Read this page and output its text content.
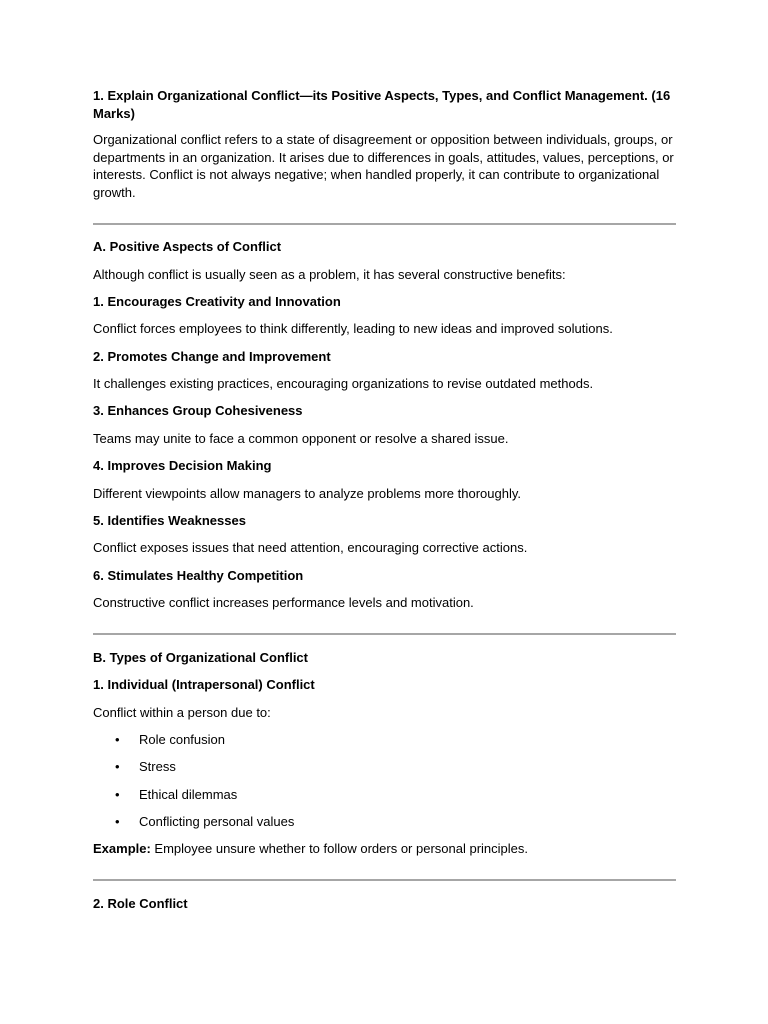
1. Explain Organizational Conflict—its Positive Aspects, Types, and Conflict Management. (16 Marks)
Organizational conflict refers to a state of disagreement or opposition between individuals, groups, or departments in an organization. It arises due to differences in goals, attitudes, values, perceptions, or interests. Conflict is not always negative; when handled properly, it can contribute to organizational growth.
A. Positive Aspects of Conflict
Although conflict is usually seen as a problem, it has several constructive benefits:
1. Encourages Creativity and Innovation
Conflict forces employees to think differently, leading to new ideas and improved solutions.
2. Promotes Change and Improvement
It challenges existing practices, encouraging organizations to revise outdated methods.
3. Enhances Group Cohesiveness
Teams may unite to face a common opponent or resolve a shared issue.
4. Improves Decision Making
Different viewpoints allow managers to analyze problems more thoroughly.
5. Identifies Weaknesses
Conflict exposes issues that need attention, encouraging corrective actions.
6. Stimulates Healthy Competition
Constructive conflict increases performance levels and motivation.
B. Types of Organizational Conflict
1. Individual (Intrapersonal) Conflict
Conflict within a person due to:
• Role confusion
• Stress
• Ethical dilemmas
• Conflicting personal values
Example: Employee unsure whether to follow orders or personal principles.
2. Role Conflict
